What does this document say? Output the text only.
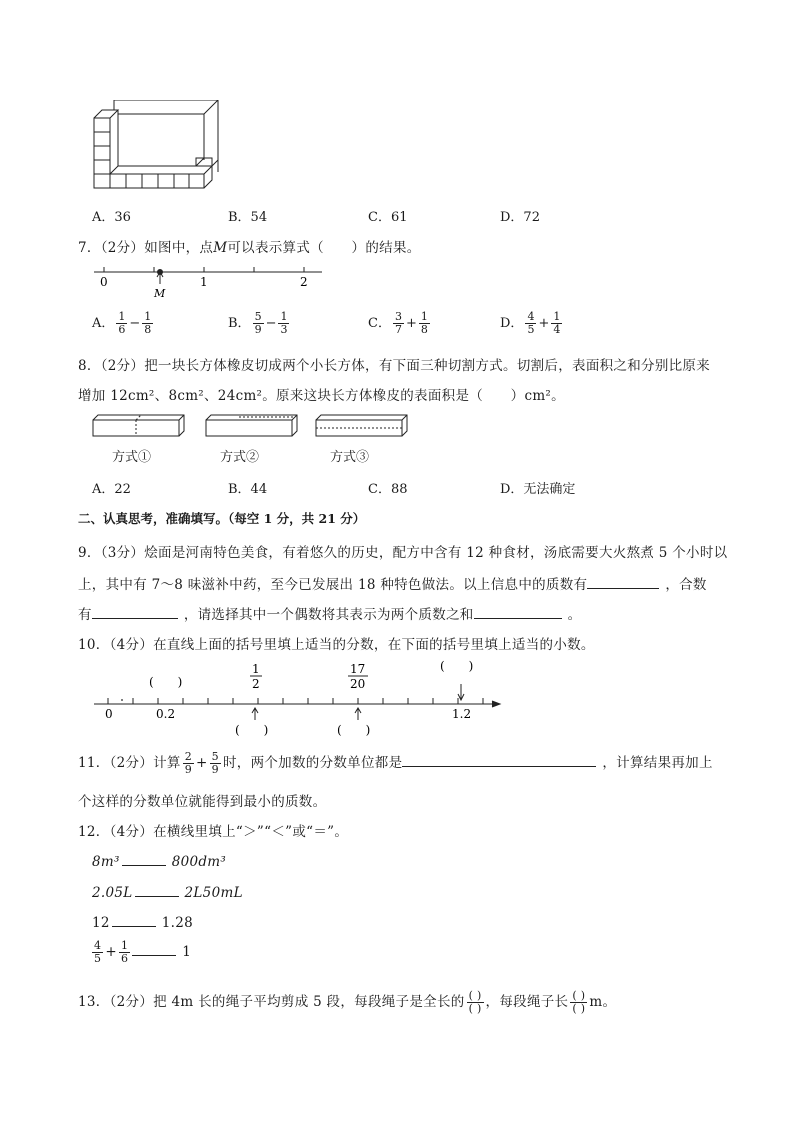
A．36	B．54	C．61	D．72
7．（2分）如图中，点M可以表示算式（　　）的结果。
0	1	2
M
A． $\frac{1}{6} - \frac{1}{8}$	B． $\frac{5}{9} - \frac{1}{3}$	C． $\frac{3}{7} + \frac{1}{8}$	D． $\frac{4}{5} + \frac{1}{4}$
8．（2分）把一块长方体橡皮切成两个小长方体，有下面三种切割方式。切割后，表面积之和分别比原来
增加 12cm²、8cm²、24cm²。原来这块长方体橡皮的表面积是（　　）cm²。
方式①	方式②	方式③
A．22	B．44	C．88	D．无法确定
二、认真思考，准确填写。（每空 1 分，共 21 分）
9．（3分）烩面是河南特色美食，有着悠久的历史，配方中含有 12 种食材，汤底需要大火熬煮 5 个小时以
上，其中有 7～8 味滋补中药，至今已发展出 18 种特色做法。以上信息中的质数有	，合数
有	，请选择其中一个偶数将其表示为两个质数之和	。
10．（4分）在直线上面的括号里填上适当的分数，在下面的括号里填上适当的小数。
(　　)
1
2
17
20
(　　)
0	0.2	1.2
(　　)	(　　)
11．（2分）计算 $\frac{2}{9} + \frac{5}{9}$ 时，两个加数的分数单位都是	，计算结果再加上
个这样的分数单位就能得到最小的质数。
12．（4分）在横线里填上“＞”“＜”或“＝”。
8m³	800dm³
2.05L	2L50mL
12	1.28
$\frac{4}{5} + \frac{1}{6}$	1
13．（2分）把 4m 长的绳子平均剪成 5 段，每段绳子是全长的 $\frac{( )}{( )}$ ，每段绳子长 $\frac{( )}{( )}$ m。
